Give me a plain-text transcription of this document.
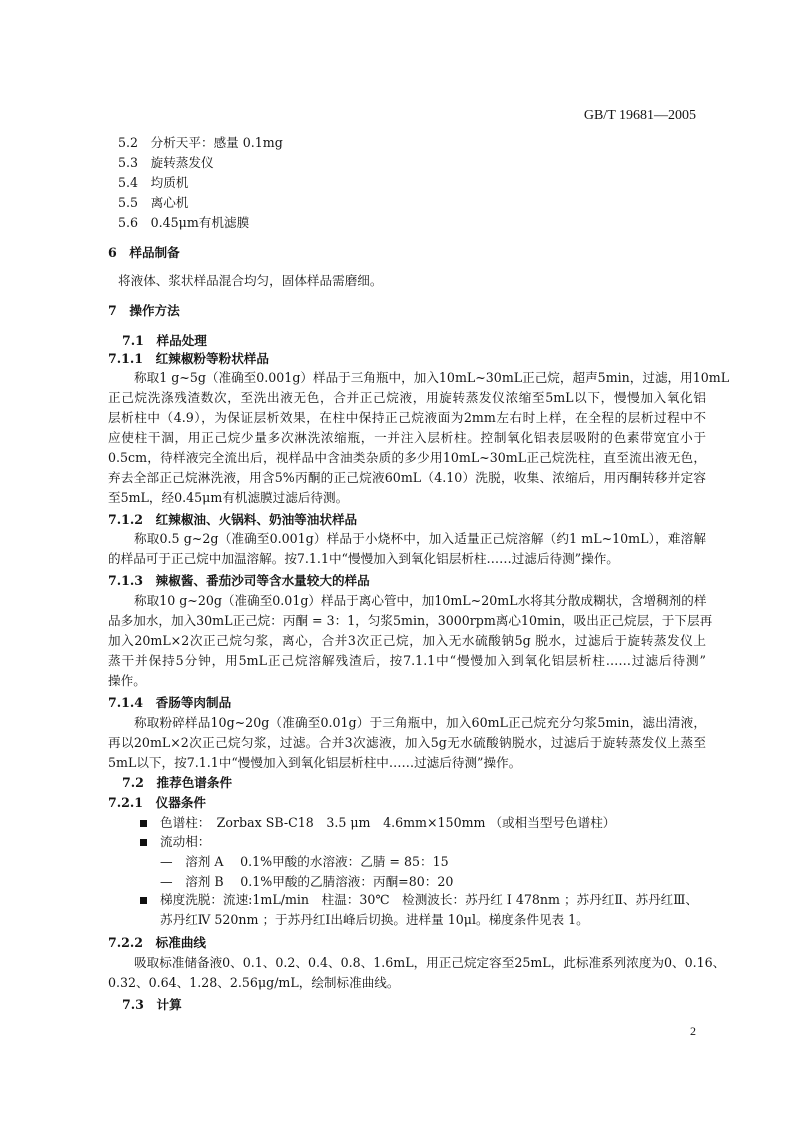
GB/T 19681—2005
5.2　分析天平：感量 0.1mg
5.3　旋转蒸发仪
5.4　均质机
5.5　离心机
5.6　0.45μm有机滤膜
6　样品制备
将液体、浆状样品混合均匀，固体样品需磨细。
7　操作方法
7.1　样品处理
7.1.1　红辣椒粉等粉状样品
称取1 g~5g（准确至0.001g）样品于三角瓶中，加入10mL~30mL正己烷，超声5min，过滤，用10mL
正己烷洗涤残渣数次，至洗出液无色，合并正己烷液，用旋转蒸发仪浓缩至5mL以下，慢慢加入氧化铝
层析柱中（4.9），为保证层析效果，在柱中保持正己烷液面为2mm左右时上样，在全程的层析过程中不
应使柱干涸，用正己烷少量多次淋洗浓缩瓶，一并注入层析柱。控制氧化铝表层吸附的色素带宽宜小于
0.5cm，待样液完全流出后，视样品中含油类杂质的多少用10mL~30mL正己烷洗柱，直至流出液无色，
弃去全部正己烷淋洗液，用含5%丙酮的正己烷液60mL（4.10）洗脱，收集、浓缩后，用丙酮转移并定容
至5mL，经0.45μm有机滤膜过滤后待测。
7.1.2　红辣椒油、火锅料、奶油等油状样品
称取0.5 g~2g（准确至0.001g）样品于小烧杯中，加入适量正己烷溶解（约1 mL~10mL），难溶解
的样品可于正己烷中加温溶解。按7.1.1中“慢慢加入到氧化铝层析柱……过滤后待测”操作。
7.1.3　辣椒酱、番茄沙司等含水量较大的样品
称取10 g~20g（准确至0.01g）样品于离心管中，加10mL~20mL水将其分散成糊状，含增稠剂的样
品多加水，加入30mL正己烷：丙酮 = 3：1，匀浆5min，3000rpm离心10min，吸出正己烷层，于下层再
加入20mL×2次正己烷匀浆，离心，合并3次正己烷，加入无水硫酸钠5g 脱水，过滤后于旋转蒸发仪上
蒸干并保持5分钟，用5mL正己烷溶解残渣后，按7.1.1中“慢慢加入到氧化铝层析柱……过滤后待测”
操作。
7.1.4　香肠等肉制品
称取粉碎样品10g~20g（准确至0.01g）于三角瓶中，加入60mL正己烷充分匀浆5min，滤出清液，
再以20mL×2次正己烷匀浆，过滤。合并3次滤液，加入5g无水硫酸钠脱水，过滤后于旋转蒸发仪上蒸至
5mL以下，按7.1.1中“慢慢加入到氧化铝层析柱中……过滤后待测”操作。
7.2　推荐色谱条件
7.2.1　仪器条件
色谱柱：　Zorbax SB-C18　3.5 μm　4.6mm×150mm （或相当型号色谱柱）
流动相：
—　溶剂 A　 0.1%甲酸的水溶液：乙腈 = 85：15
—　溶剂 B　 0.1%甲酸的乙腈溶液：丙酮=80：20
梯度洗脱：流速:1mL/min　柱温：30℃　检测波长：苏丹红 Ⅰ 478nm ；苏丹红Ⅱ、苏丹红Ⅲ、
苏丹红Ⅳ 520nm ；于苏丹红Ⅰ出峰后切换。进样量 10μl。梯度条件见表 1。
7.2.2　标准曲线
吸取标准储备液0、0.1、0.2、0.4、0.8、1.6mL，用正己烷定容至25mL，此标准系列浓度为0、0.16、
0.32、0.64、1.28、2.56μg/mL，绘制标准曲线。
7.3　计算
2
